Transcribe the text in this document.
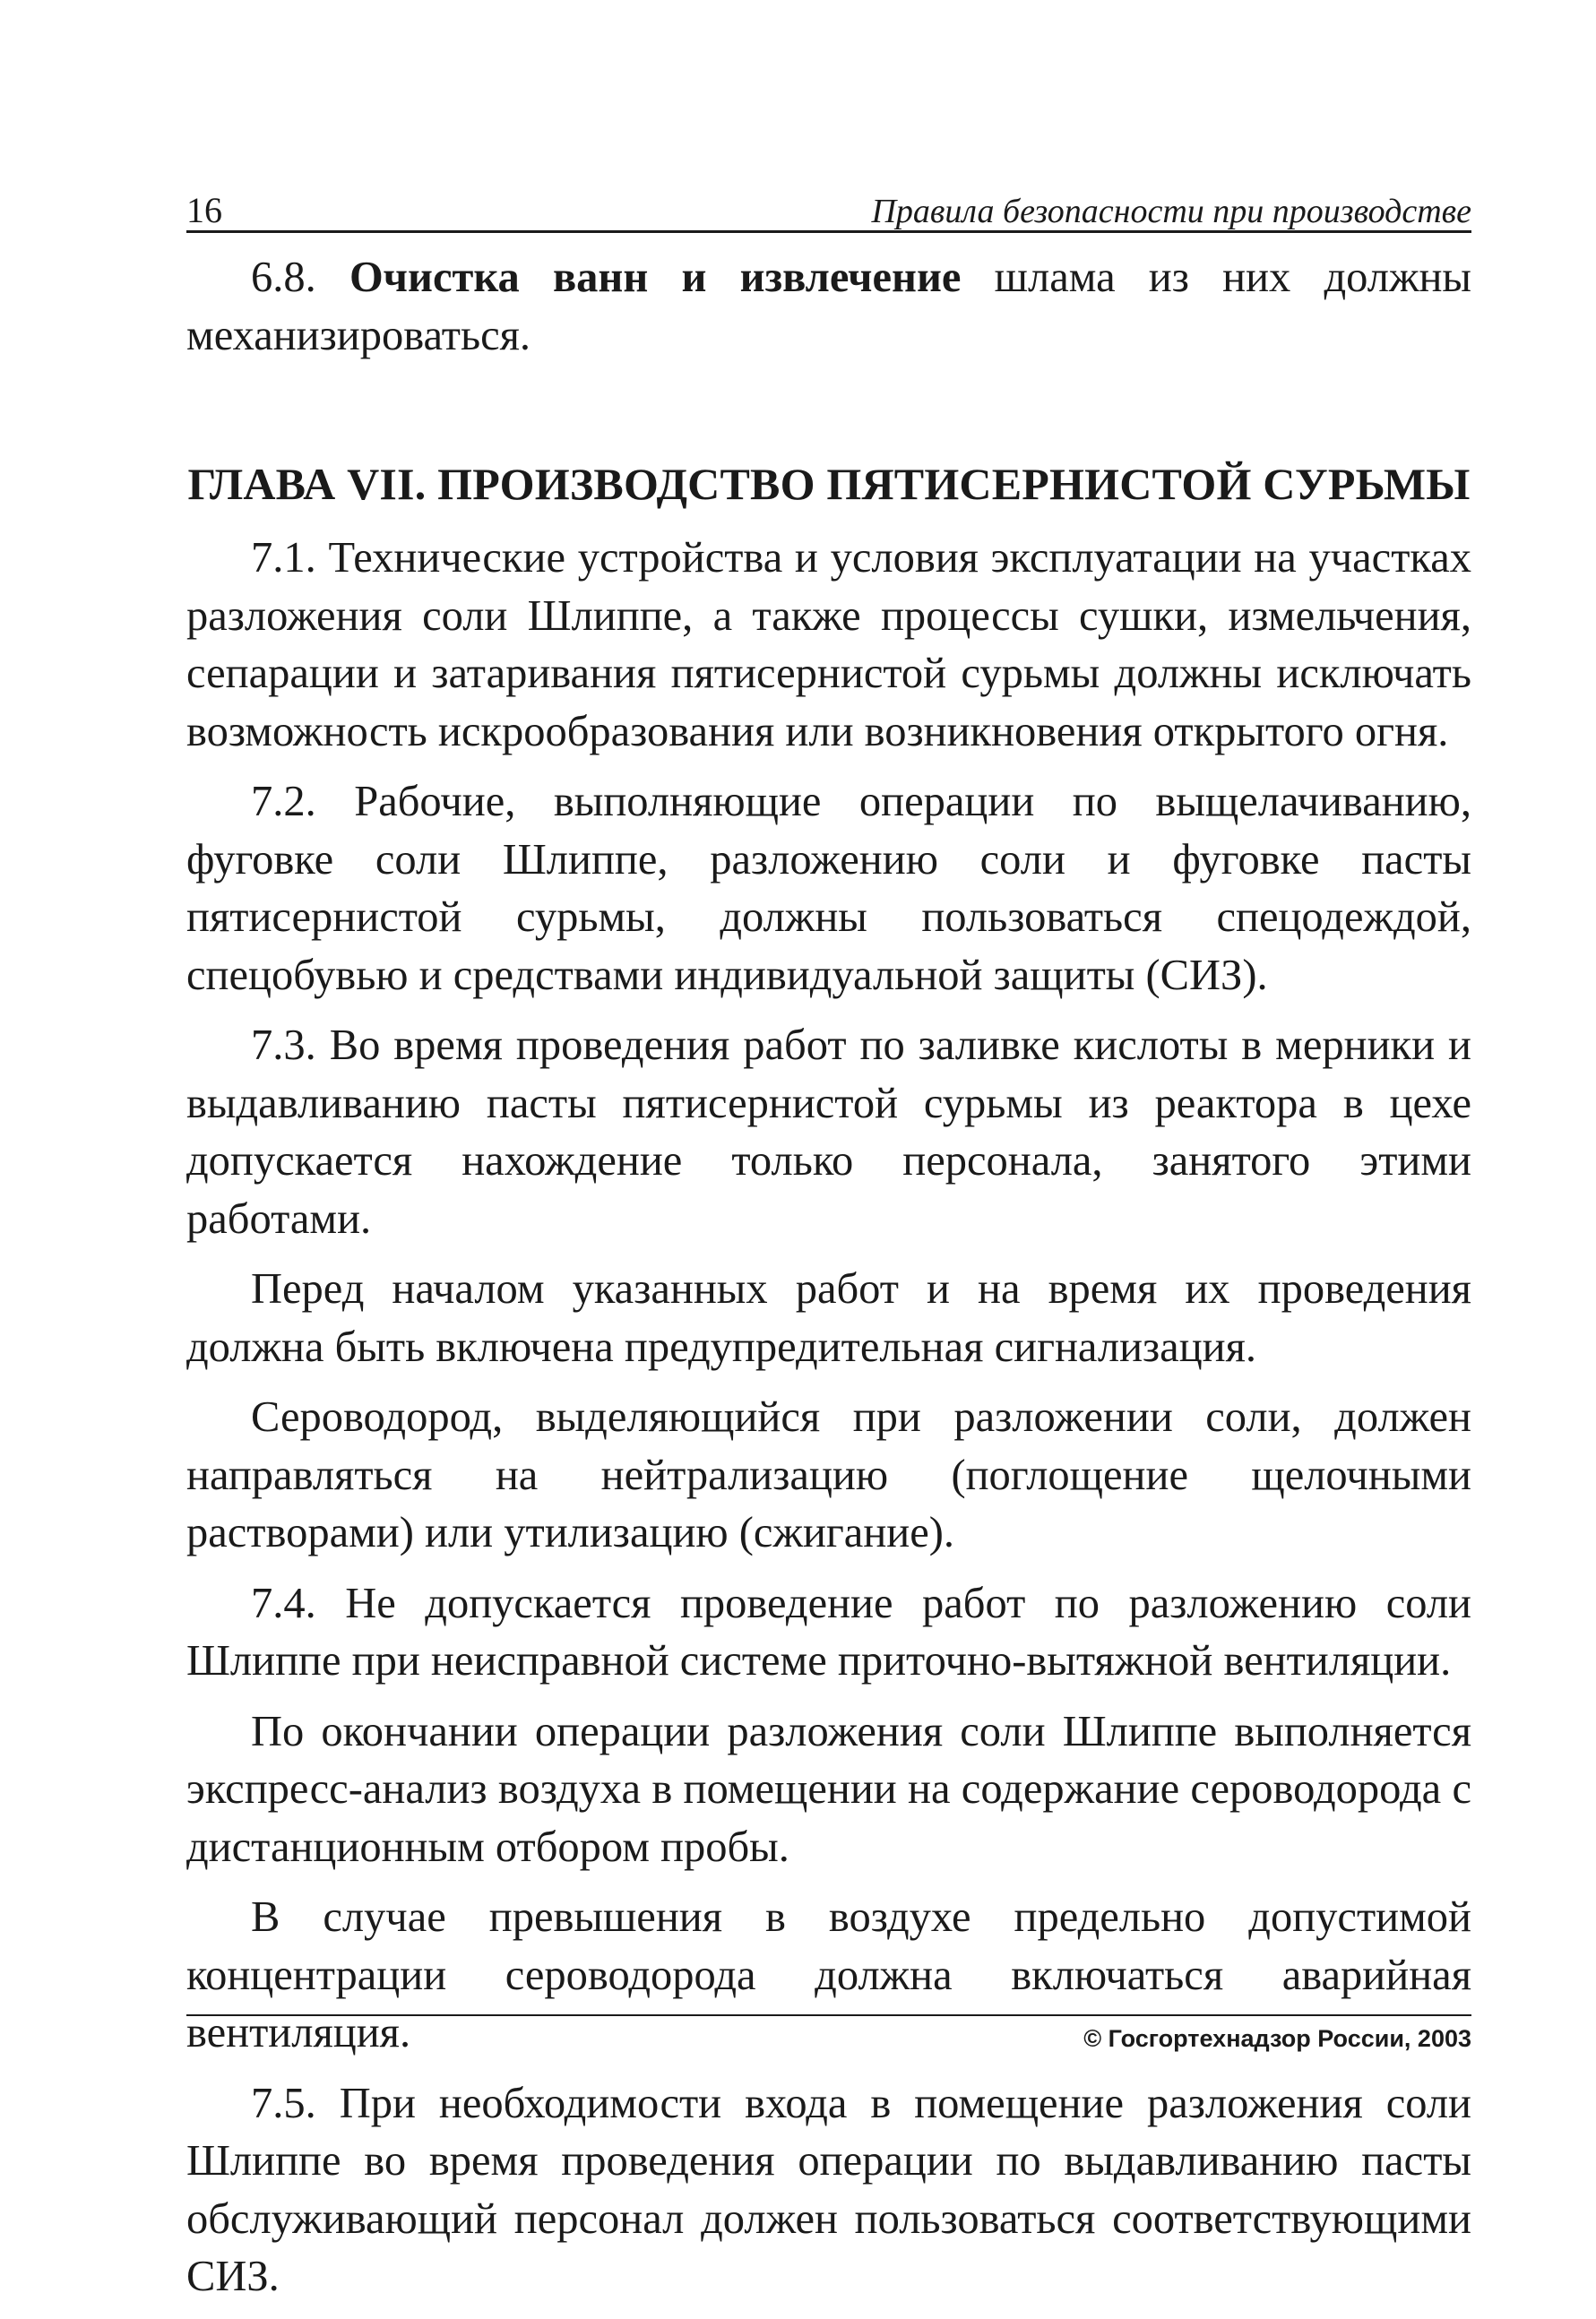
16	Правила безопасности при производстве

6.8. Очистка ванн и извлечение шлама из них должны механизироваться.

ГЛАВА VII. ПРОИЗВОДСТВО ПЯТИСЕРНИСТОЙ СУРЬМЫ

7.1. Технические устройства и условия эксплуатации на участках разложения соли Шлиппе, а также процессы сушки, измельчения, сепарации и затаривания пятисернистой сурьмы должны исключать возможность искрообразования или возникновения открытого огня.

7.2. Рабочие, выполняющие операции по выщелачиванию, фуговке соли Шлиппе, разложению соли и фуговке пасты пятисернистой сурьмы, должны пользоваться спецодеждой, спецобувью и средствами индивидуальной защиты (СИЗ).

7.3. Во время проведения работ по заливке кислоты в мерники и выдавливанию пасты пятисернистой сурьмы из реактора в цехе допускается нахождение только персонала, занятого этими работами.

Перед началом указанных работ и на время их проведения должна быть включена предупредительная сигнализация.

Сероводород, выделяющийся при разложении соли, должен направляться на нейтрализацию (поглощение щелочными растворами) или утилизацию (сжигание).

7.4. Не допускается проведение работ по разложению соли Шлиппе при неисправной системе приточно-вытяжной вентиляции.

По окончании операции разложения соли Шлиппе выполняется экспресс-анализ воздуха в помещении на содержание сероводорода с дистанционным отбором пробы.

В случае превышения в воздухе предельно допустимой концентрации сероводорода должна включаться аварийная вентиляция.

7.5. При необходимости входа в помещение разложения соли Шлиппе во время проведения операции по выдавливанию пасты обслуживающий персонал должен пользоваться соответствующими СИЗ.

© Госгортехнадзор России, 2003
